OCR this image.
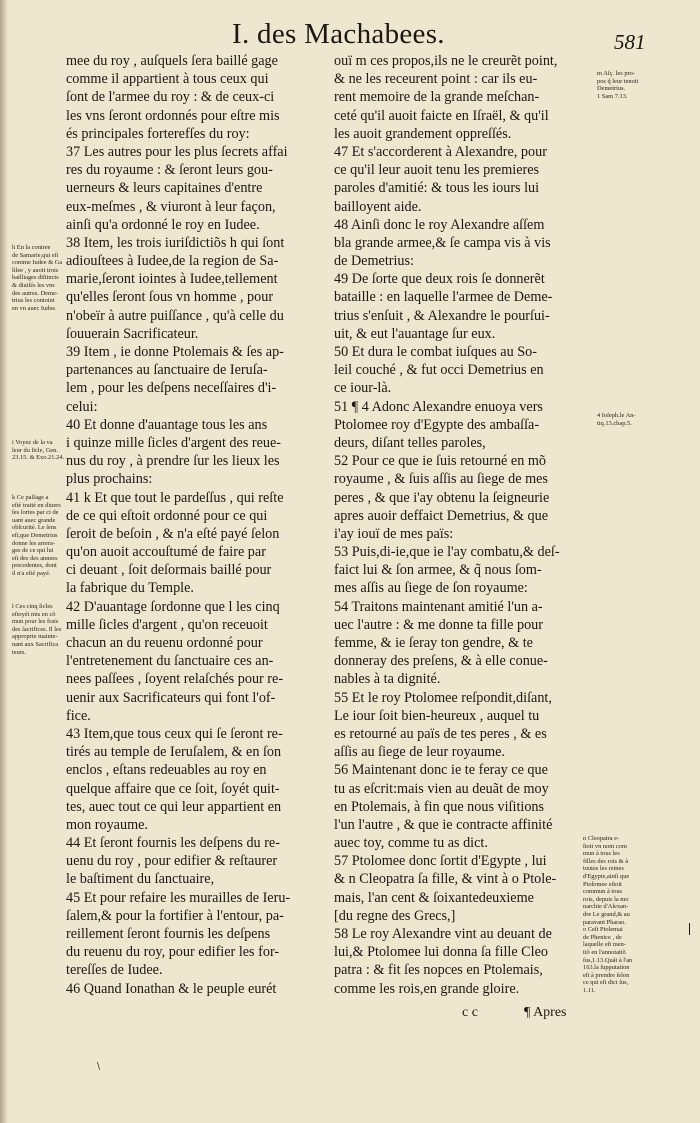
I. des Machabees.	581
mee du roy , auſquels ſera baillé gage
comme il appartient à tous ceux qui
ſont de l'armee du roy : & de ceux-ci
les vns ſeront ordonnés pour eſtre mis
és principales forterefſes du roy:
37 Les autres pour les plus ſecrets affai
res du royaume : & ſeront leurs gou-
uerneurs & leurs capitaines d'entre
eux-meſmes , & viuront à leur façon,
ainſi qu'a ordonné le roy en Iudee.
38 Item, les trois iuriſdictiõs h qui ſont
adiouſtees à Iudee,de la region de Sa-
marie,ſeront iointes à Iudee,tellement
qu'elles ſeront ſous vn homme , pour
n'obeïr à autre puiſſance , qu'à celle du
ſouuerain Sacrificateur.
39 Item , ie donne Ptolemais & ſes ap-
partenances au ſanctuaire de Ieruſa-
lem , pour les deſpens neceſſaires d'i-
celui:
40 Et donne d'auantage tous les ans
i quinze mille ſicles d'argent des reue-
nus du roy , à prendre ſur les lieux les
plus prochains:
41 k Et que tout le pardeſſus , qui reſte
de ce qui eſtoit ordonné pour ce qui
ſeroit de beſoin , & n'a eſté payé ſelon
qu'on auoit accouſtumé de faire par
ci deuant , ſoit deſormais baillé pour
la fabrique du Temple.
42 D'auantage ſordonne que l les cinq
mille ſicles d'argent , qu'on receuoit
chacun an du reuenu ordonné pour
l'entretenement du ſanctuaire ces an-
nees paſſees , ſoyent relaſchés pour re-
uenir aux Sacrificateurs qui font l'of-
fice.
43 Item,que tous ceux qui ſe ſeront re-
tirés au temple de Ieruſalem, & en ſon
enclos , eſtans redeuables au roy en
quelque affaire que ce ſoit, ſoyét quit-
tes, auec tout ce qui leur appartient en
mon royaume.
44 Et ſeront fournis les deſpens du re-
uenu du roy , pour edifier & reſtaurer
le baſtiment du ſanctuaire,
45 Et pour refaire les murailles de Ieru-
ſalem,& pour la fortifier à l'entour, pa-
reillement ſeront fournis les deſpens
du reuenu du roy, pour edifier les for-
tereſſes de Iudee.
46 Quand Ionathan & le peuple eurét
ouï m ces propos,ils ne le creurẽt point,
& ne les receurent point : car ils eu-
rent memoire de la grande meſchan-
ceté qu'il auoit faicte en Iſraël, & qu'il
les auoit grandement oppreſſés.
47 Et s'accorderent à Alexandre, pour
ce qu'il leur auoit tenu les premieres
paroles d'amitié: & tous les iours lui
bailloyent aide.
48 Ainſi donc le roy Alexandre aſſem
bla grande armee,& ſe campa vis à vis
de Demetrius:
49 De ſorte que deux rois ſe donnerẽt
bataille : en laquelle l'armee de Deme-
trius s'enſuit , & Alexandre le pourſui-
uit, & eut l'auantage ſur eux.
50 Et dura le combat iuſques au So-
leil couché , & fut occi Demetrius en
ce iour-là.
51 ¶ 4 Adonc Alexandre enuoya vers
Ptolomee roy d'Egypte des ambaſſa-
deurs, diſant telles paroles,
52 Pour ce que ie ſuis retourné en mõ
royaume , & ſuis aſſis au ſiege de mes
peres , & que i'ay obtenu la ſeigneurie
apres auoir deffaict Demetrius, & que
i'ay iouï de mes païs:
53 Puis,di-ie,que ie l'ay combatu,& deſ-
faict lui & ſon armee, & q̃ nous ſom-
mes aſſis au ſiege de ſon royaume:
54 Traitons maintenant amitié l'un a-
uec l'autre : & me donne ta fille pour
femme, & ie ſeray ton gendre, & te
donneray des preſens, & à elle conue-
nables à ta dignité.
55 Et le roy Ptolomee reſpondit,diſant,
Le iour ſoit bien-heureux , auquel tu
es retourné au païs de tes peres , & es
aſſis au ſiege de leur royaume.
56 Maintenant donc ie te feray ce que
tu as eſcrit:mais vien au deuãt de moy
en Ptolemais, à fin que nous viſitions
l'un l'autre , & que ie contracte affinité
auec toy, comme tu as dict.
57 Ptolomee donc ſortit d'Egypte , lui
& n Cleopatra ſa fille, & vint à o Ptole-
mais, l'an cent & ſoixantedeuxieme
[du regne des Grecs,]
58 Le roy Alexandre vint au deuant de
lui,& Ptolomee lui donna ſa fille Cleo
patra : & fit ſes nopces en Ptolemais,
comme les rois,en grande gloire.
h En la contree
de Samarie,qui eſt
comme Iudee & Ga
lilee , y auoit trois
bailliages diſtincts
& diuiſés les vns
des autres. Deme-
trius les conioint
en vn auec Iudee.
i Voyez de la va
leur du ſicle, Gen.
23.15. & Exo.21.24.
k Ce paſſage a
eſté traité en diuers
ſes ſortes par ci de
uant auec grande
obſcurité. Le ſens
eſt,que Demetrius
donne les arrera-
ges de ce qui lui
eſt des des annees
precedentes, dont
il n'a eſté payé.
l Ces cinq ſicles
eſtoyét mis en cõ
mun pour les frais
des ſacrifices. Il les
approprie mainte-
nant aux Sacrifica
teurs.
m Aſç. les pro-
pos q̃ leur tenoit
Demetrius.
1 Sam 7.13.
4 Ioſeph.le An-
tiq.13.chap.5.
n Cleopatra e-
ſtoit vn nom com
mun à tous les
filles des rois & à
toutes les reines
d'Egypte,ainſi que
Ptolomee eſtoit
commun à tous
rois, depuis la mo
narchie d'Alexan-
dre Le grand,& au
paravant Pharao.
o Ceſt Ptolemai
de Phenice , de
laquelle eſt men-
tiõ en l'annotatiõ
ſus,1.13.Quãt à l'an
163.la ſupputation
eſt à prendre ſelon
ce qui eſt dict ſus,
1.11.
c c	¶ Apres
\
